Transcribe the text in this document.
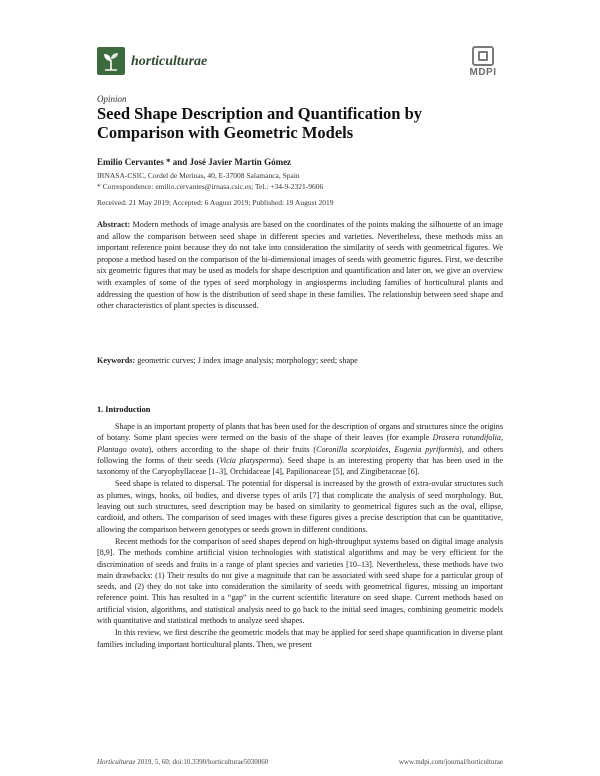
horticulturae
MDPI
Opinion
Seed Shape Description and Quantification by Comparison with Geometric Models
Emilio Cervantes * and José Javier Martín Gómez
IRNASA-CSIC, Cordel de Merinas, 40, E-37008 Salamanca, Spain
* Correspondence: emilio.cervantes@irnasa.csic.es; Tel.: +34-9-2321-9606
Received: 21 May 2019; Accepted: 6 August 2019; Published: 19 August 2019

Abstract: Modern methods of image analysis are based on the coordinates of the points making the silhouette of an image and allow the comparison between seed shape in different species and varieties. Nevertheless, these methods miss an important reference point because they do not take into consideration the similarity of seeds with geometrical figures. We propose a method based on the comparison of the bi-dimensional images of seeds with geometric figures. First, we describe six geometric figures that may be used as models for shape description and quantification and later on, we give an overview with examples of some of the types of seed morphology in angiosperms including families of horticultural plants and addressing the question of how is the distribution of seed shape in these families. The relationship between seed shape and other characteristics of plant species is discussed.

Keywords: geometric curves; J index image analysis; morphology; seed; shape

1. Introduction

Shape is an important property of plants that has been used for the description of organs and structures since the origins of botany. Some plant species were termed on the basis of the shape of their leaves (for example Drosera rotundifolia, Plantago ovata), others according to the shape of their fruits (Coronilla scorpioides, Eugenia pyriformis), and others following the forms of their seeds (Vicia platysperma). Seed shape is an interesting property that has been used in the taxonomy of the Caryophyllaceae [1–3], Orchidaceae [4], Papilionaceae [5], and Zingiberaceae [6].

Seed shape is related to dispersal. The potential for dispersal is increased by the growth of extra-ovular structures such as plumes, wings, hooks, oil bodies, and diverse types of arils [7] that complicate the analysis of seed morphology. But, leaving out such structures, seed description may be based on similarity to geometrical figures such as the oval, ellipse, cardioid, and others. The comparison of seed images with these figures gives a precise description that can be quantitative, allowing the comparison between genotypes or seeds grown in different conditions.

Recent methods for the comparison of seed shapes depend on high-throughput systems based on digital image analysis [8,9]. The methods combine artificial vision technologies with statistical algorithms and may be very efficient for the discrimination of seeds and fruits in a range of plant species and varieties [10–13]. Nevertheless, these methods have two main drawbacks: (1) Their results do not give a magnitude that can be associated with seed shape for a particular group of seeds, and (2) they do not take into consideration the similarity of seeds with geometrical figures, missing an important reference point. This has resulted in a “gap” in the current scientific literature on seed shape. Current methods based on artificial vision, algorithms, and statistical analysis need to go back to the initial seed images, combining geometric models with quantitative and statistical methods to analyze seed shapes.

In this review, we first describe the geometric models that may be applied for seed shape quantification in diverse plant families including important horticultural plants. Then, we present

Horticulturae 2019, 5, 60; doi:10.3390/horticulturae5030060	www.mdpi.com/journal/horticulturae
